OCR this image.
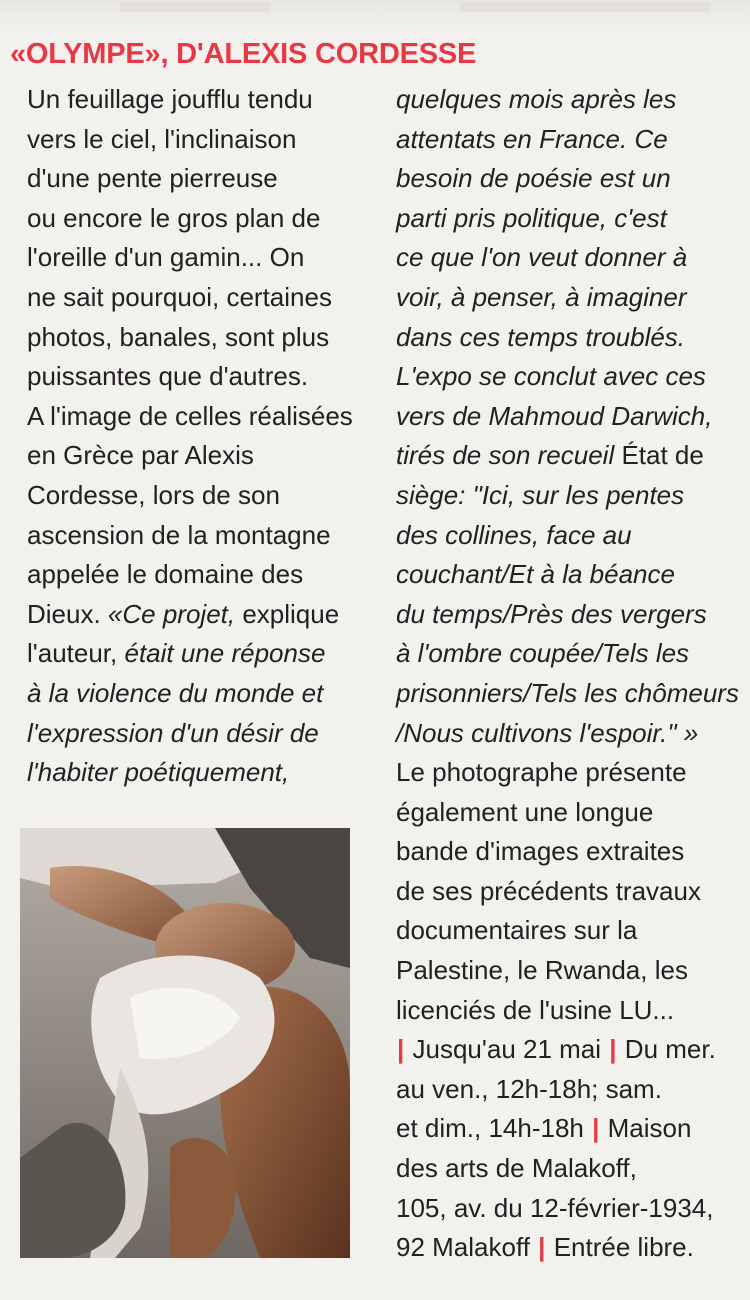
«OLYMPE», D'ALEXIS CORDESSE
Un feuillage joufflu tendu
vers le ciel, l'inclinaison
d'une pente pierreuse
ou encore le gros plan de
l'oreille d'un gamin... On
ne sait pourquoi, certaines
photos, banales, sont plus
puissantes que d'autres.
A l'image de celles réalisées
en Grèce par Alexis
Cordesse, lors de son
ascension de la montagne
appelée le domaine des
Dieux. «Ce projet, explique
l'auteur, était une réponse
à la violence du monde et
l'expression d'un désir de
l'habiter poétiquement,
quelques mois après les
attentats en France. Ce
besoin de poésie est un
parti pris politique, c'est
ce que l'on veut donner à
voir, à penser, à imaginer
dans ces temps troublés.
L'expo se conclut avec ces
vers de Mahmoud Darwich,
tirés de son recueil État de
siège: "Ici, sur les pentes
des collines, face au
couchant/Et à la béance
du temps/Près des vergers
à l'ombre coupée/Tels les
prisonniers/Tels les chômeurs
/Nous cultivons l'espoir." »
Le photographe présente
également une longue
bande d'images extraites
de ses précédents travaux
documentaires sur la
Palestine, le Rwanda, les
licenciés de l'usine LU...
| Jusqu'au 21 mai | Du mer.
au ven., 12h-18h; sam.
et dim., 14h-18h | Maison
des arts de Malakoff,
105, av. du 12-février-1934,
92 Malakoff | Entrée libre.
